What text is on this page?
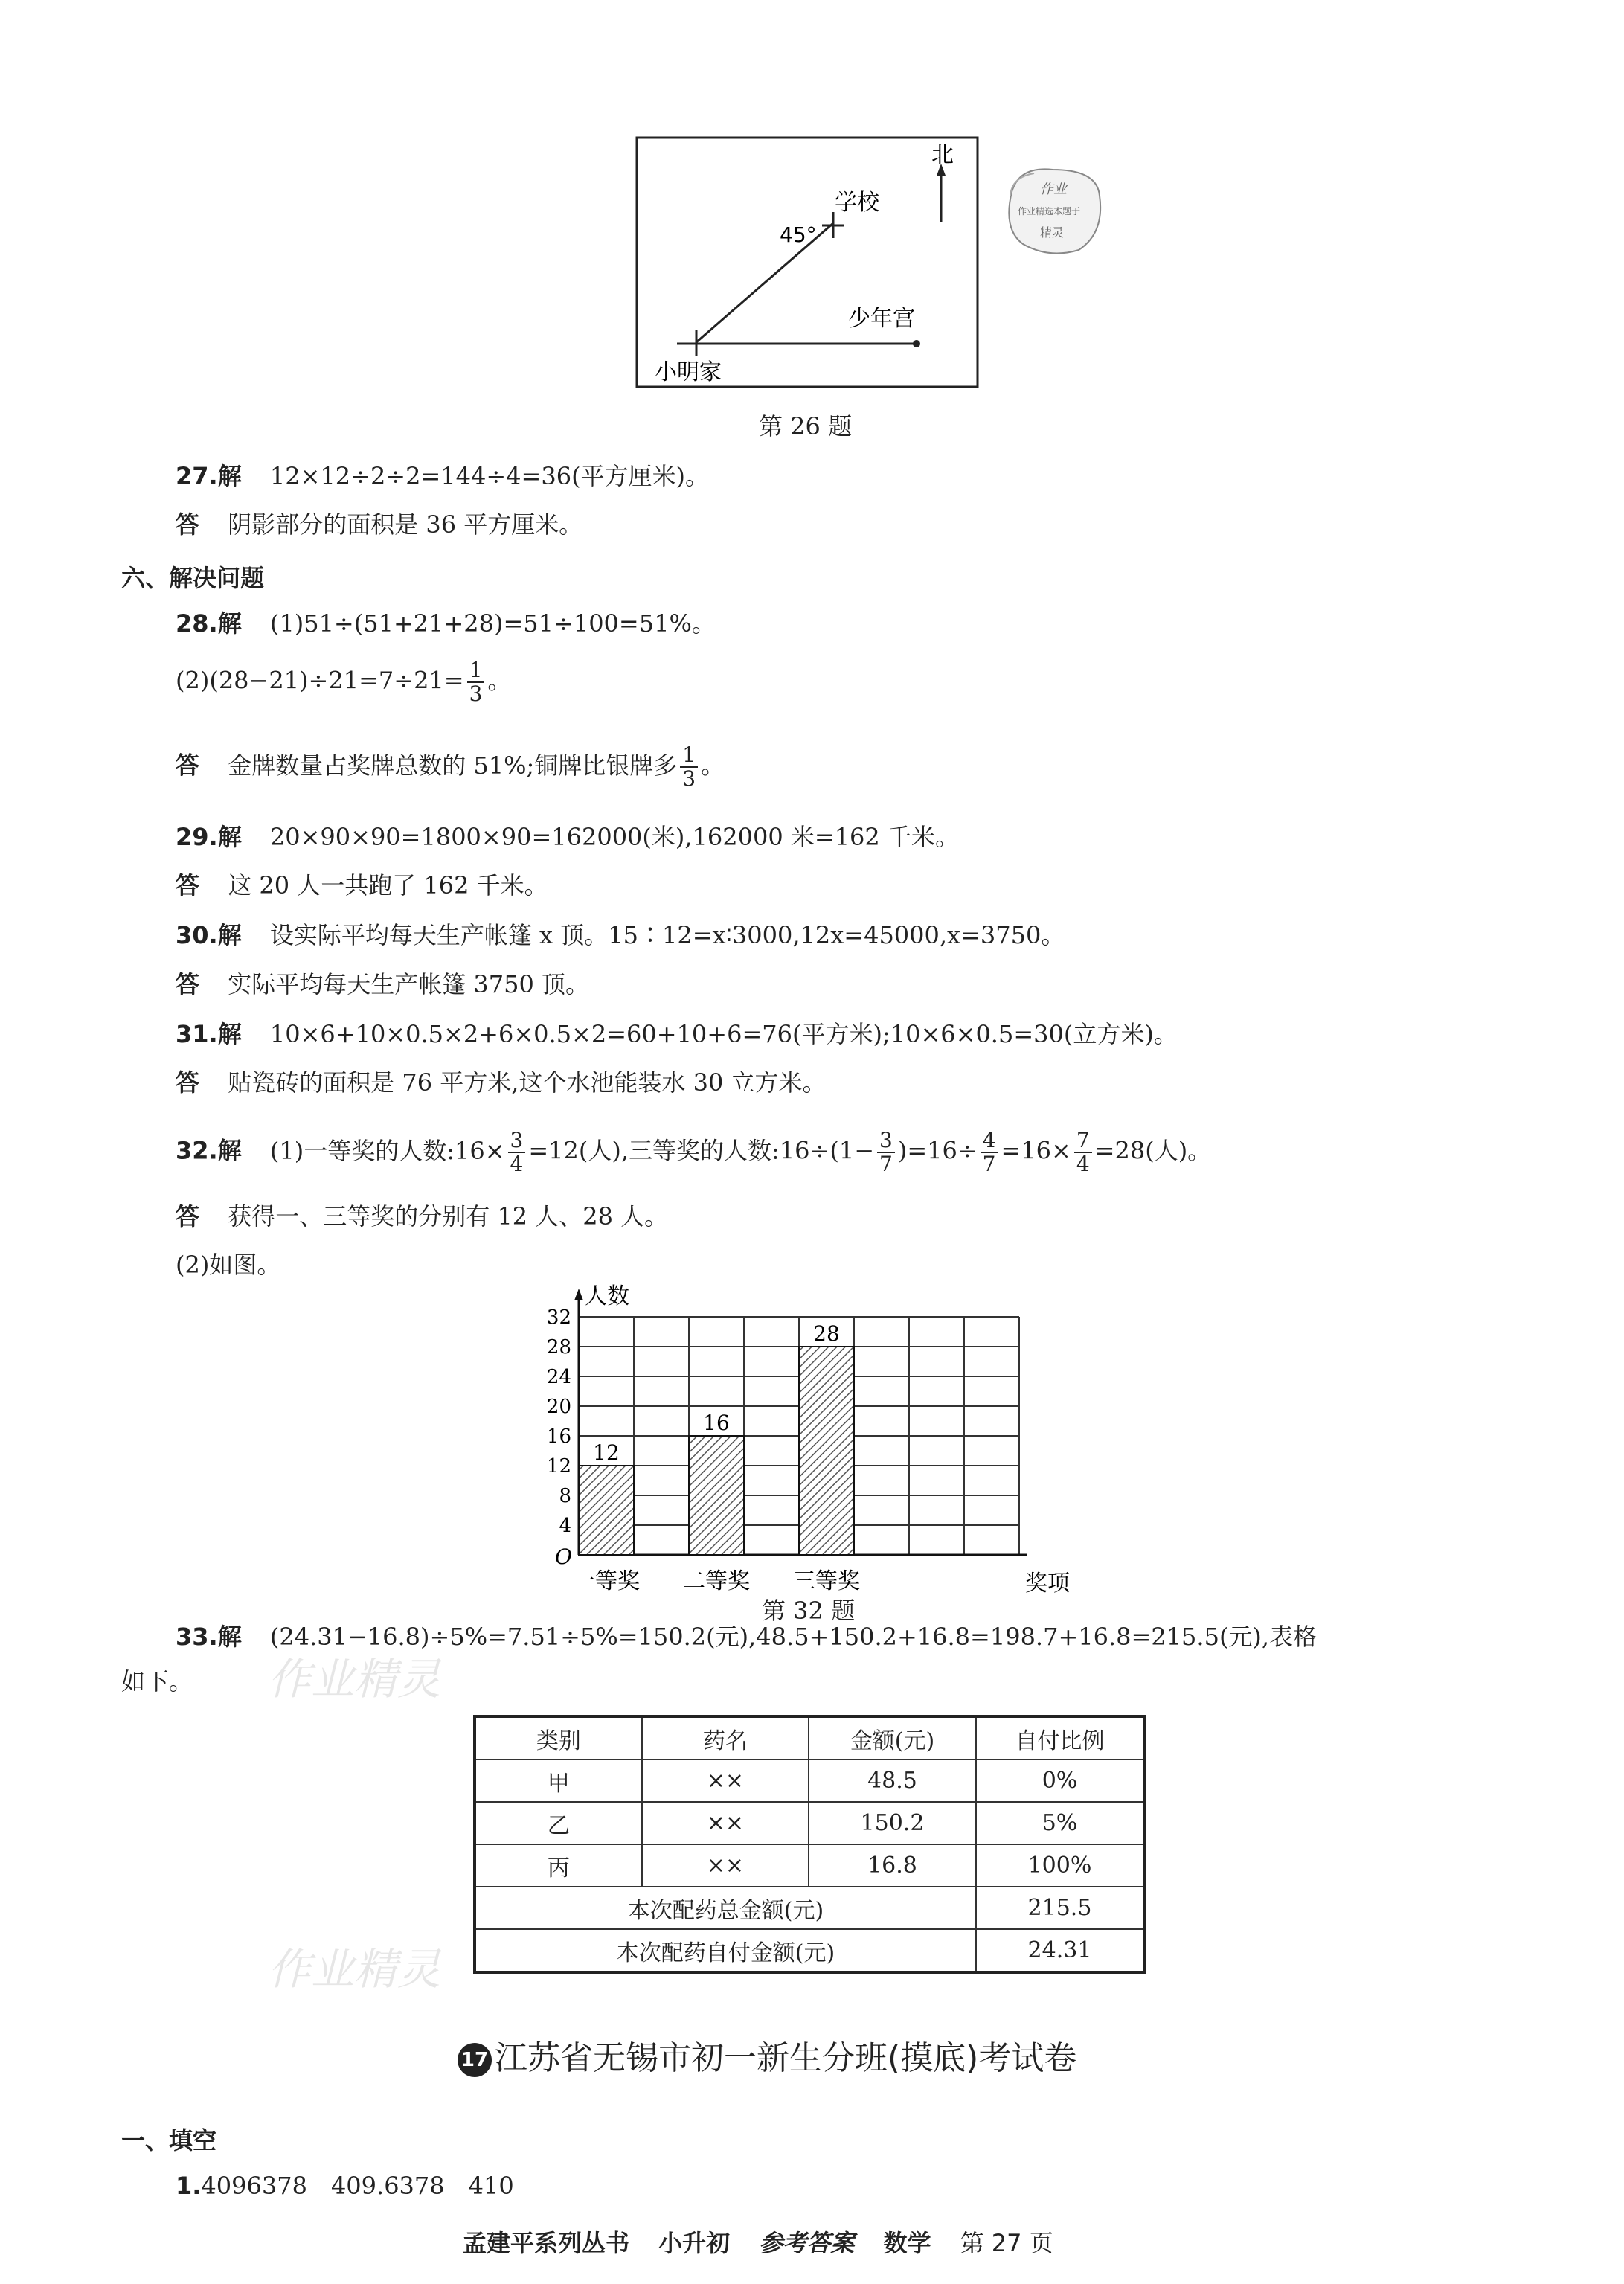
北
学校
45°
少年宫
小明家
作业
作业精选本题于
精灵
第 26 题
27.解 12×12÷2÷2=144÷4=36(平方厘米)。
答 阴影部分的面积是 36 平方厘米。
六、解决问题
28.解 (1)51÷(51+21+28)=51÷100=51%。
$(2)(28-21)\div 21=7\div 21= \frac{1}{3}$ 。
答 金牌数量占奖牌总数的 51%;铜牌比银牌多 $\frac{1}{3}$ 。
29.解 20×90×90=1800×90=162000(米),162000 米=162 千米。
答 这 20 人一共跑了 162 千米。
30.解 设实际平均每天生产帐篷 x 顶。15∶12=x∶3000,12x=45000,x=3750。
答 实际平均每天生产帐篷 3750 顶。
31.解 10×6+10×0.5×2+6×0.5×2=60+10+6=76(平方米);10×6×0.5=30(立方米)。
答 贴瓷砖的面积是 76 平方米,这个水池能装水 30 立方米。
32.解 (1)一等奖的人数:16× $\frac{3}{4} =12$(人),三等奖的人数:16÷(1− $\frac{3}{7} )=16\div \frac{4}{7} =16\times \frac{7}{4} =28$(人)。
答 获得一、三等奖的分别有 12 人、28 人。
(2)如图。
4
8
12
16
20
24
28
32
人数
奖项
O
12
一等奖
16
二等奖
28
三等奖
第 32 题
33.解 (24.31−16.8)÷5%=7.51÷5%=150.2(元),48.5+150.2+16.8=198.7+16.8=215.5(元),表格
如下。 作业精灵
类别	药名	金额(元)	自付比例
甲	××	48.5	0%
乙	××	150.2	5%
丙	××	16.8	100%
本次配药总金额(元)			215.5
本次配药自付金额(元)			24.31
作业精灵
17 江苏省无锡市初一新生分班(摸底)考试卷
一、填空
1.4096378　409.6378　410
孟建平系列丛书 小升初 参考答案 数学 第 27 页
